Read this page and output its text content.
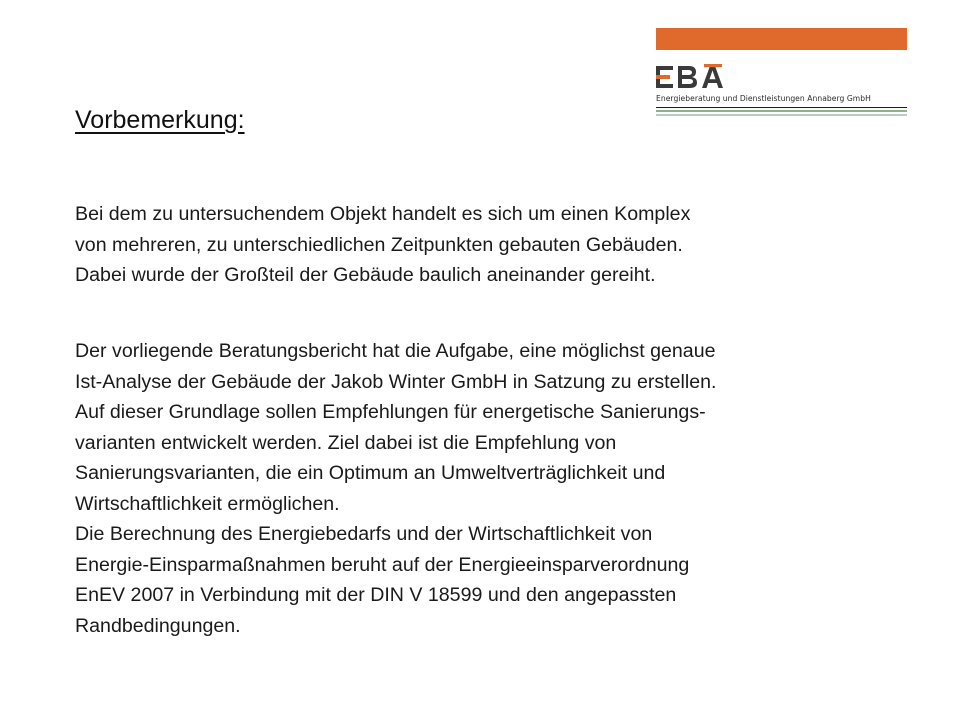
Energieberatung und Dienstleistungen Annaberg GmbH
Vorbemerkung:
Bei dem zu untersuchendem Objekt handelt es sich um einen Komplex
von mehreren, zu unterschiedlichen Zeitpunkten gebauten Gebäuden.
Dabei wurde der Großteil der Gebäude baulich aneinander gereiht.
Der vorliegende Beratungsbericht hat die Aufgabe, eine möglichst genaue
Ist-Analyse der Gebäude der Jakob Winter GmbH in Satzung zu erstellen.
Auf dieser Grundlage sollen Empfehlungen für energetische Sanierungs-
varianten entwickelt werden. Ziel dabei ist die Empfehlung von
Sanierungsvarianten, die ein Optimum an Umweltverträglichkeit und
Wirtschaftlichkeit ermöglichen.
Die Berechnung des Energiebedarfs und der Wirtschaftlichkeit von
Energie-Einsparmaßnahmen beruht auf der Energieeinsparverordnung
EnEV 2007 in Verbindung mit der DIN V 18599 und den angepassten
Randbedingungen.
